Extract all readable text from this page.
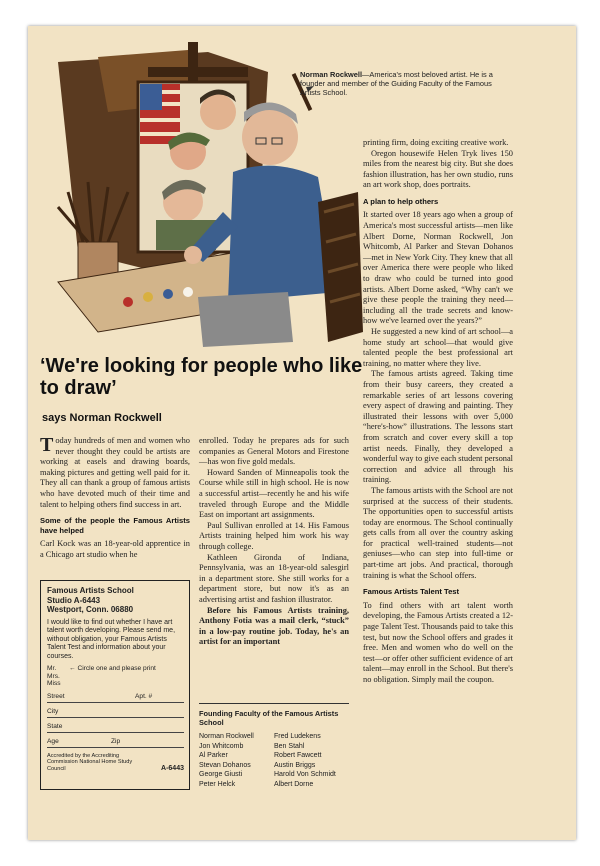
Norman Rockwell—America's most beloved artist. He is a founder and member of the Guiding Faculty of the Famous Artists School.
‘We're looking for people who like to draw’
says Norman Rockwell

Today hundreds of men and women who never thought they could be artists are working at easels and drawing boards, making pictures and getting well paid for it. They all can thank a group of famous artists who have devoted much of their time and talent to helping others find success in art.

Some of the people the Famous Artists have helped

Carl Kock was an 18-year-old apprentice in a Chicago art studio when he

Famous Artists School
Studio A-6443
Westport, Conn. 06880
I would like to find out whether I have art talent worth developing. Please send me, without obligation, your Famous Artists Talent Test and information about your courses.
Mr. Mrs. Miss
← Circle one and please print
Street	Apt. #
City
State
Age	Zip
Accredited by the Accrediting Commission National Home Study Council	A-6443

enrolled. Today he prepares ads for such companies as General Motors and Firestone—has won five gold medals.

Howard Sanden of Minneapolis took the Course while still in high school. He is now a successful artist—recently he and his wife traveled through Europe and the Middle East on important art assignments.

Paul Sullivan enrolled at 14. His Famous Artists training helped him work his way through college.

Kathleen Gironda of Indiana, Pennsylvania, was an 18-year-old salesgirl in a department store. She still works for a department store, but now it's as an advertising artist and fashion illustrator.

Before his Famous Artists training, Anthony Fotia was a mail clerk, “stuck” in a low-pay routine job. Today, he's an artist for an important

Founding Faculty of the Famous Artists School
Norman Rockwell	Fred Ludekens
Jon Whitcomb	Ben Stahl
Al Parker	Robert Fawcett
Stevan Dohanos	Austin Briggs
George Giusti	Harold Von Schmidt
Peter Helck	Albert Dorne

printing firm, doing exciting creative work.

Oregon housewife Helen Tryk lives 150 miles from the nearest big city. But she does fashion illustration, has her own studio, runs an art work shop, does portraits.

A plan to help others

It started over 18 years ago when a group of America's most successful artists—men like Albert Dorne, Norman Rockwell, Jon Whitcomb, Al Parker and Stevan Dohanos—met in New York City. They knew that all over America there were people who liked to draw who could be turned into good artists. Albert Dorne asked, “Why can't we give these people the training they need—including all the trade secrets and know-how we've learned over the years?”

He suggested a new kind of art school—a home study art school—that would give talented people the best professional art training, no matter where they live.

The famous artists agreed. Taking time from their busy careers, they created a remarkable series of art lessons covering every aspect of drawing and painting. They illustrated their lessons with over 5,000 “here's-how” illustrations. The lessons start from scratch and cover every skill a top artist needs. Finally, they developed a wonderful way to give each student personal correction and advice all through his training.

The famous artists with the School are not surprised at the success of their students. The opportunities open to successful artists today are enormous. The School continually gets calls from all over the country asking for practical well-trained students—not geniuses—who can step into full-time or part-time art jobs. And practical, thorough training is what the School offers.

Famous Artists Talent Test

To find others with art talent worth developing, the Famous Artists created a 12-page Talent Test. Thousands paid to take this test, but now the School offers and grades it free. Men and women who do well on the test—or offer other sufficient evidence of art talent—may enroll in the School. But there's no obligation. Simply mail the coupon.
